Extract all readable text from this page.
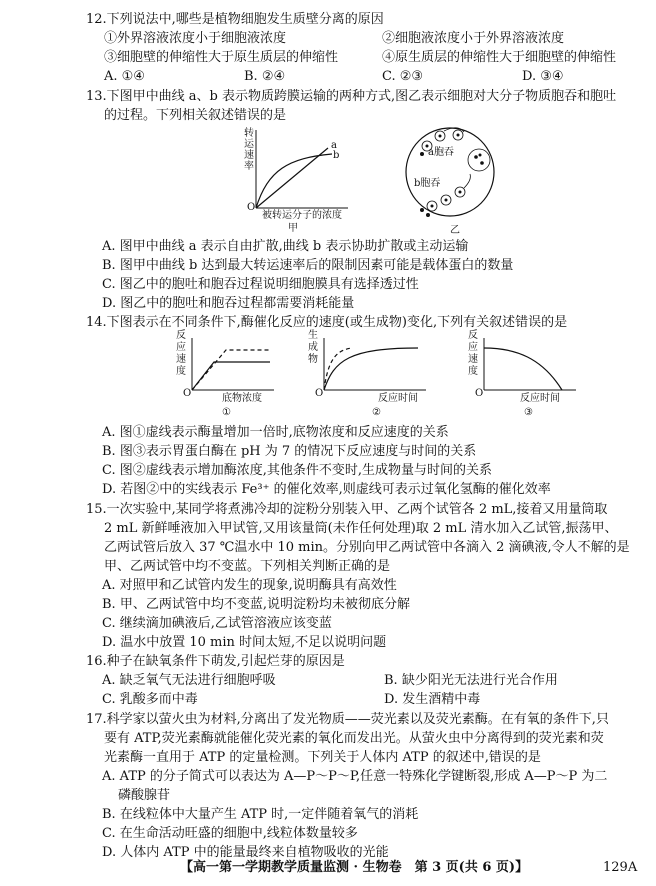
12.下列说法中,哪些是植物细胞发生质壁分离的原因
①外界溶液浓度小于细胞液浓度	②细胞液浓度小于外界溶液浓度
③细胞壁的伸缩性大于原生质层的伸缩性	④原生质层的伸缩性大于细胞壁的伸缩性
A. ①④	B. ②④	C. ②③	D. ③④
13.下图甲中曲线 a、b 表示物质跨膜运输的两种方式,图乙表示细胞对大分子物质胞吞和胞吐
的过程。下列相关叙述错误的是
转
运
速
率
O
a
b
被转运分子的浓度
甲
a胞吞
b胞吞
乙
A. 图甲中曲线 a 表示自由扩散,曲线 b 表示协助扩散或主动运输
B. 图甲中曲线 b 达到最大转运速率后的限制因素可能是载体蛋白的数量
C. 图乙中的胞吐和胞吞过程说明细胞膜具有选择透过性
D. 图乙中的胞吐和胞吞过程都需要消耗能量
14.下图表示在不同条件下,酶催化反应的速度(或生成物)变化,下列有关叙述错误的是
反
应
速
度
O	底物浓度
①
生
成
物
O	反应时间
②
反
应
速
度
O	反应时间
③
A. 图①虚线表示酶量增加一倍时,底物浓度和反应速度的关系
B. 图③表示胃蛋白酶在 pH 为 7 的情况下反应速度与时间的关系
C. 图②虚线表示增加酶浓度,其他条件不变时,生成物量与时间的关系
D. 若图②中的实线表示 Fe³⁺ 的催化效率,则虚线可表示过氧化氢酶的催化效率
15.一次实验中,某同学将煮沸冷却的淀粉分别装入甲、乙两个试管各 2 mL,接着又用量筒取
2 mL 新鲜唾液加入甲试管,又用该量筒(未作任何处理)取 2 mL 清水加入乙试管,振荡甲、
乙两试管后放入 37 ℃温水中 10 min。分别向甲乙两试管中各滴入 2 滴碘液,令人不解的是
甲、乙两试管中均不变蓝。下列相关判断正确的是
A. 对照甲和乙试管内发生的现象,说明酶具有高效性
B. 甲、乙两试管中均不变蓝,说明淀粉均未被彻底分解
C. 继续滴加碘液后,乙试管溶液应该变蓝
D. 温水中放置 10 min 时间太短,不足以说明问题
16.种子在缺氧条件下萌发,引起烂芽的原因是
A. 缺乏氧气无法进行细胞呼吸	B. 缺少阳光无法进行光合作用
C. 乳酸多而中毒	D. 发生酒精中毒
17.科学家以萤火虫为材料,分离出了发光物质——荧光素以及荧光素酶。在有氧的条件下,只
要有 ATP,荧光素酶就能催化荧光素的氧化而发出光。从萤火虫中分离得到的荧光素和荧
光素酶一直用于 ATP 的定量检测。下列关于人体内 ATP 的叙述中,错误的是
A. ATP 的分子简式可以表达为 A—P～P～P,任意一特殊化学键断裂,形成 A—P～P 为二
磷酸腺苷
B. 在线粒体中大量产生 ATP 时,一定伴随着氧气的消耗
C. 在生命活动旺盛的细胞中,线粒体数量较多
D. 人体内 ATP 中的能量最终来自植物吸收的光能
【高一第一学期教学质量监测 · 生物卷　第 3 页(共 6 页)】	129A
